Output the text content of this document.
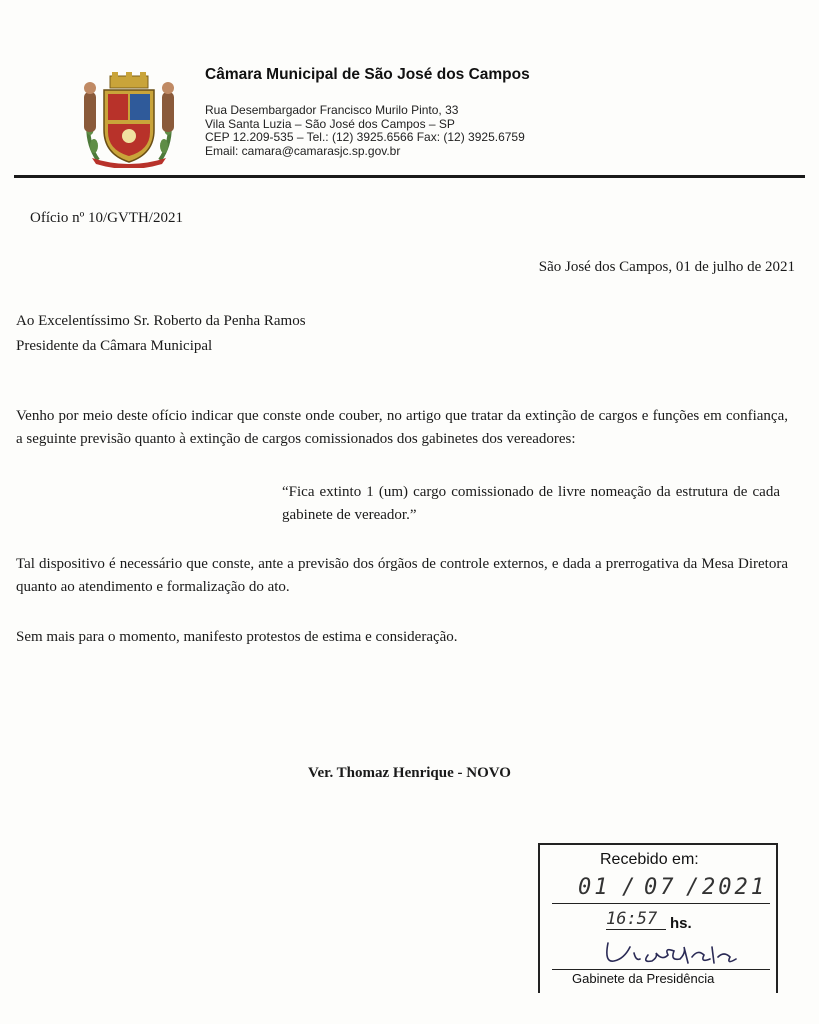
Câmara Municipal de São José dos Campos
Rua Desembargador Francisco Murilo Pinto, 33
Vila Santa Luzia – São José dos Campos – SP
CEP 12.209-535 – Tel.: (12) 3925.6566 Fax: (12) 3925.6759
Email: camara@camarasjc.sp.gov.br
Ofício nº 10/GVTH/2021
São José dos Campos, 01 de julho de 2021
Ao Excelentíssimo Sr. Roberto da Penha Ramos
Presidente da Câmara Municipal
Venho por meio deste ofício indicar que conste onde couber, no artigo que tratar da extinção de cargos e funções em confiança, a seguinte previsão quanto à extinção de cargos comissionados dos gabinetes dos vereadores:
“Fica extinto 1 (um) cargo comissionado de livre nomeação da estrutura de cada gabinete de vereador.”
Tal dispositivo é necessário que conste, ante a previsão dos órgãos de controle externos, e dada a prerrogativa da Mesa Diretora quanto ao atendimento e formalização do ato.
Sem mais para o momento, manifesto protestos de estima e consideração.
Ver. Thomaz Henrique - NOVO
Recebido em:
01 / 07 / 2021
16:57 hs.
Gabinete da Presidência
